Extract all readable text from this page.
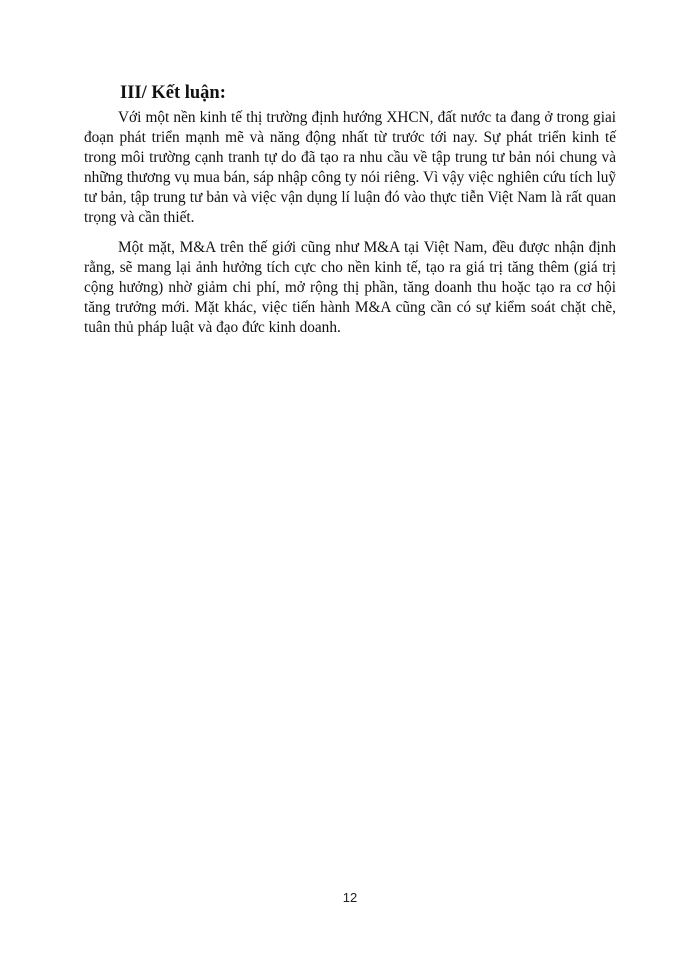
III/ Kết luận:

Với một nền kinh tế thị trường định hướng XHCN, đất nước ta đang ở trong giai đoạn phát triển mạnh mẽ và năng động nhất từ trước tới nay. Sự phát triển kinh tế trong môi trường cạnh tranh tự do đã tạo ra nhu cầu về tập trung tư bản nói chung và những thương vụ mua bán, sáp nhập công ty nói riêng. Vì vậy việc nghiên cứu tích luỹ tư bản, tập trung tư bản và việc vận dụng lí luận đó vào thực tiễn Việt Nam là rất quan trọng và cần thiết.

Một mặt, M&A trên thế giới cũng như M&A tại Việt Nam, đều được nhận định rằng, sẽ mang lại ảnh hưởng tích cực cho nền kinh tế, tạo ra giá trị tăng thêm (giá trị cộng hưởng) nhờ giảm chi phí, mở rộng thị phần, tăng doanh thu hoặc tạo ra cơ hội tăng trưởng mới. Mặt khác, việc tiến hành M&A cũng cần có sự kiểm soát chặt chẽ, tuân thủ pháp luật và đạo đức kinh doanh.

12
